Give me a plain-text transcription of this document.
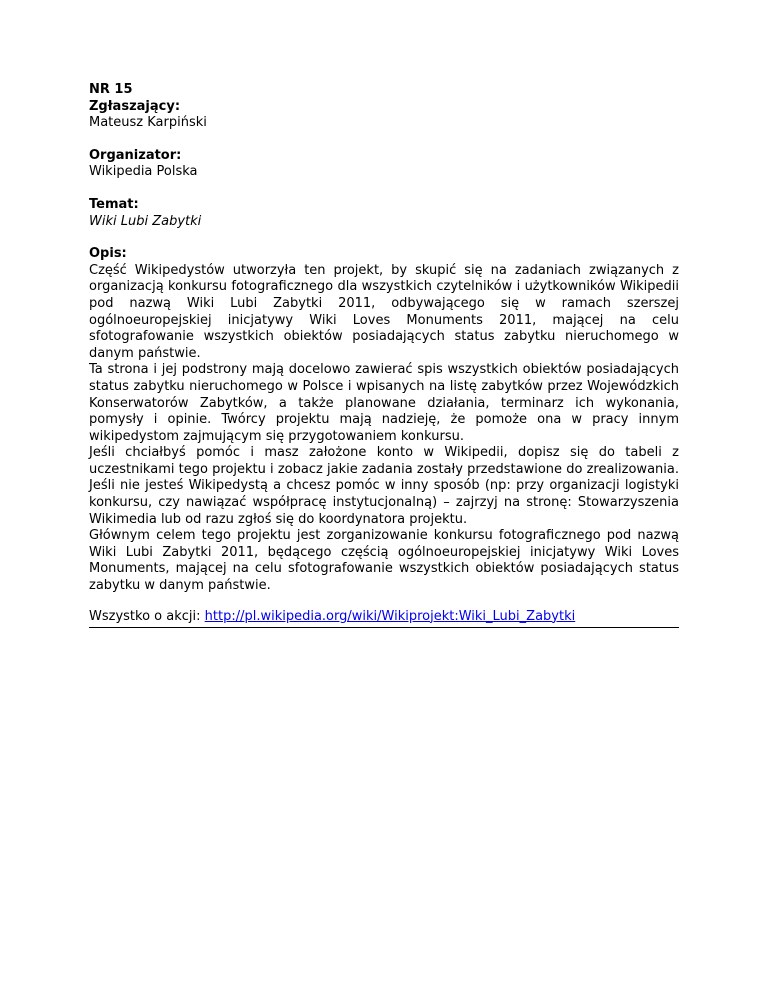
NR 15
Zgłaszający:
Mateusz Karpiński
Organizator:
Wikipedia Polska
Temat:
Wiki Lubi Zabytki
Opis:

Część Wikipedystów utworzyła ten projekt, by skupić się na zadaniach związanych z organizacją konkursu fotograficznego dla wszystkich czytelników i użytkowników Wikipedii pod nazwą Wiki Lubi Zabytki 2011, odbywającego się w ramach szerszej ogólnoeuropejskiej inicjatywy Wiki Loves Monuments 2011, mającej na celu sfotografowanie wszystkich obiektów posiadających status zabytku nieruchomego w danym państwie.

Ta strona i jej podstrony mają docelowo zawierać spis wszystkich obiektów posiadających status zabytku nieruchomego w Polsce i wpisanych na listę zabytków przez Wojewódzkich Konserwatorów Zabytków, a także planowane działania, terminarz ich wykonania, pomysły i opinie. Twórcy projektu mają nadzieję, że pomoże ona w pracy innym wikipedystom zajmującym się przygotowaniem konkursu.

Jeśli chciałbyś pomóc i masz założone konto w Wikipedii, dopisz się do tabeli z uczestnikami tego projektu i zobacz jakie zadania zostały przedstawione do zrealizowania. Jeśli nie jesteś Wikipedystą a chcesz pomóc w inny sposób (np: przy organizacji logistyki konkursu, czy nawiązać współpracę instytucjonalną) – zajrzyj na stronę: Stowarzyszenia Wikimedia lub od razu zgłoś się do koordynatora projektu.

Głównym celem tego projektu jest zorganizowanie konkursu fotograficznego pod nazwą Wiki Lubi Zabytki 2011, będącego częścią ogólnoeuropejskiej inicjatywy Wiki Loves Monuments, mającej na celu sfotografowanie wszystkich obiektów posiadających status zabytku w danym państwie.

Wszystko o akcji: http://pl.wikipedia.org/wiki/Wikiprojekt:Wiki_Lubi_Zabytki
